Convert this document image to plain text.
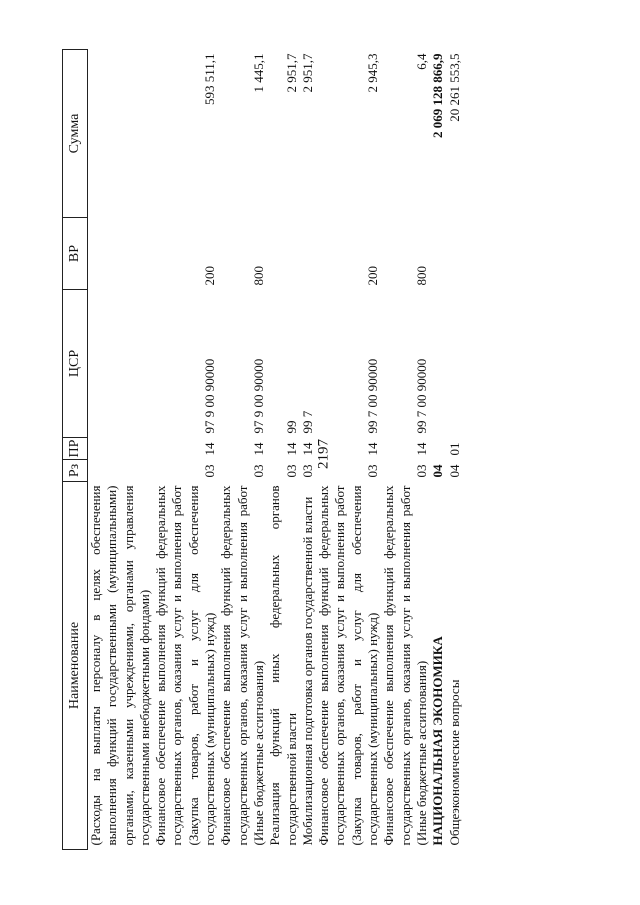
2197
Наименование	Рз	ПР	ЦСР	ВР	Сумма
(Расходы на выплаты персоналу в целях обеспечения выполнения функций государственными (муниципальными) органами, казенными учреждениями, органами управления государственными внебюджетными фондами)					
Финансовое обеспечение выполнения функций федеральных государственных органов, оказания услуг и выполнения работ (Закупка товаров, работ и услуг для обеспечения государственных (муниципальных) нужд)	03	14	97 9 00 90000	200	593 511,1
Финансовое обеспечение выполнения функций федеральных государственных органов, оказания услуг и выполнения работ (Иные бюджетные ассигнования)	03	14	97 9 00 90000	800	1 445,1
Реализация функций иных федеральных органов государственной власти	03	14	99		2 951,7
Мобилизационная подготовка органов государственной власти	03	14	99 7		2 951,7
Финансовое обеспечение выполнения функций федеральных государственных органов, оказания услуг и выполнения работ (Закупка товаров, работ и услуг для обеспечения государственных (муниципальных) нужд)	03	14	99 7 00 90000	200	2 945,3
Финансовое обеспечение выполнения функций федеральных государственных органов, оказания услуг и выполнения работ (Иные бюджетные ассигнования)	03	14	99 7 00 90000	800	6,4
НАЦИОНАЛЬНАЯ ЭКОНОМИКА	04				2 069 128 866,9
Общеэкономические вопросы	04	01			20 261 553,5
